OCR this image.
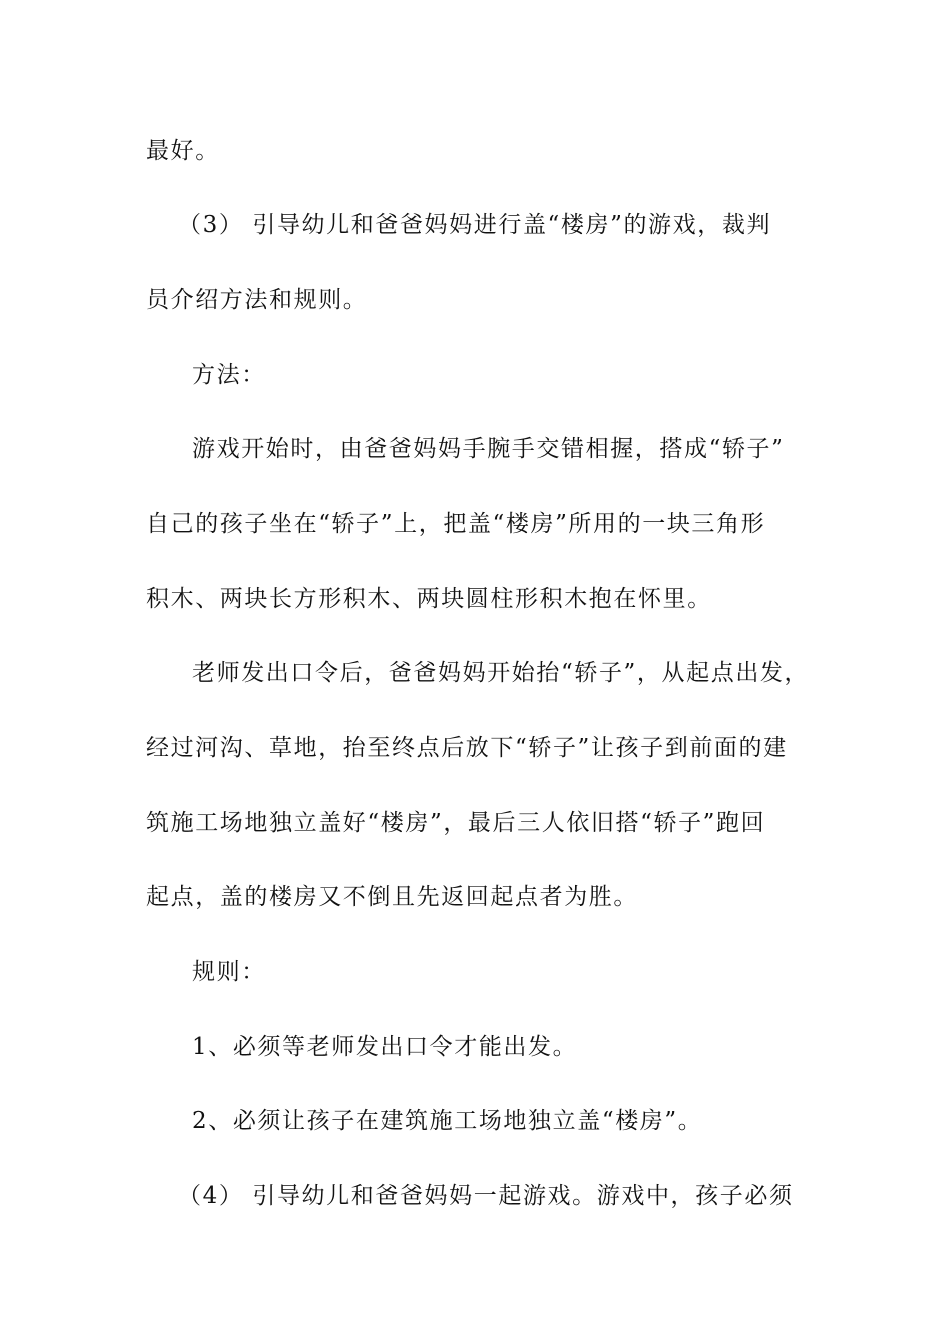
最好。
（3） 引导幼儿和爸爸妈妈进行盖“楼房”的游戏，裁判
员介绍方法和规则。
方法：
游戏开始时，由爸爸妈妈手腕手交错相握，搭成“轿子”
自己的孩子坐在“轿子”上，把盖“楼房”所用的一块三角形
积木、两块长方形积木、两块圆柱形积木抱在怀里。
老师发出口令后，爸爸妈妈开始抬“轿子”，从起点出发，
经过河沟、草地，抬至终点后放下“轿子”让孩子到前面的建
筑施工场地独立盖好“楼房”，最后三人依旧搭“轿子”跑回
起点，盖的楼房又不倒且先返回起点者为胜。
规则：
1、必须等老师发出口令才能出发。
2、必须让孩子在建筑施工场地独立盖“楼房”。
（4） 引导幼儿和爸爸妈妈一起游戏。游戏中，孩子必须
